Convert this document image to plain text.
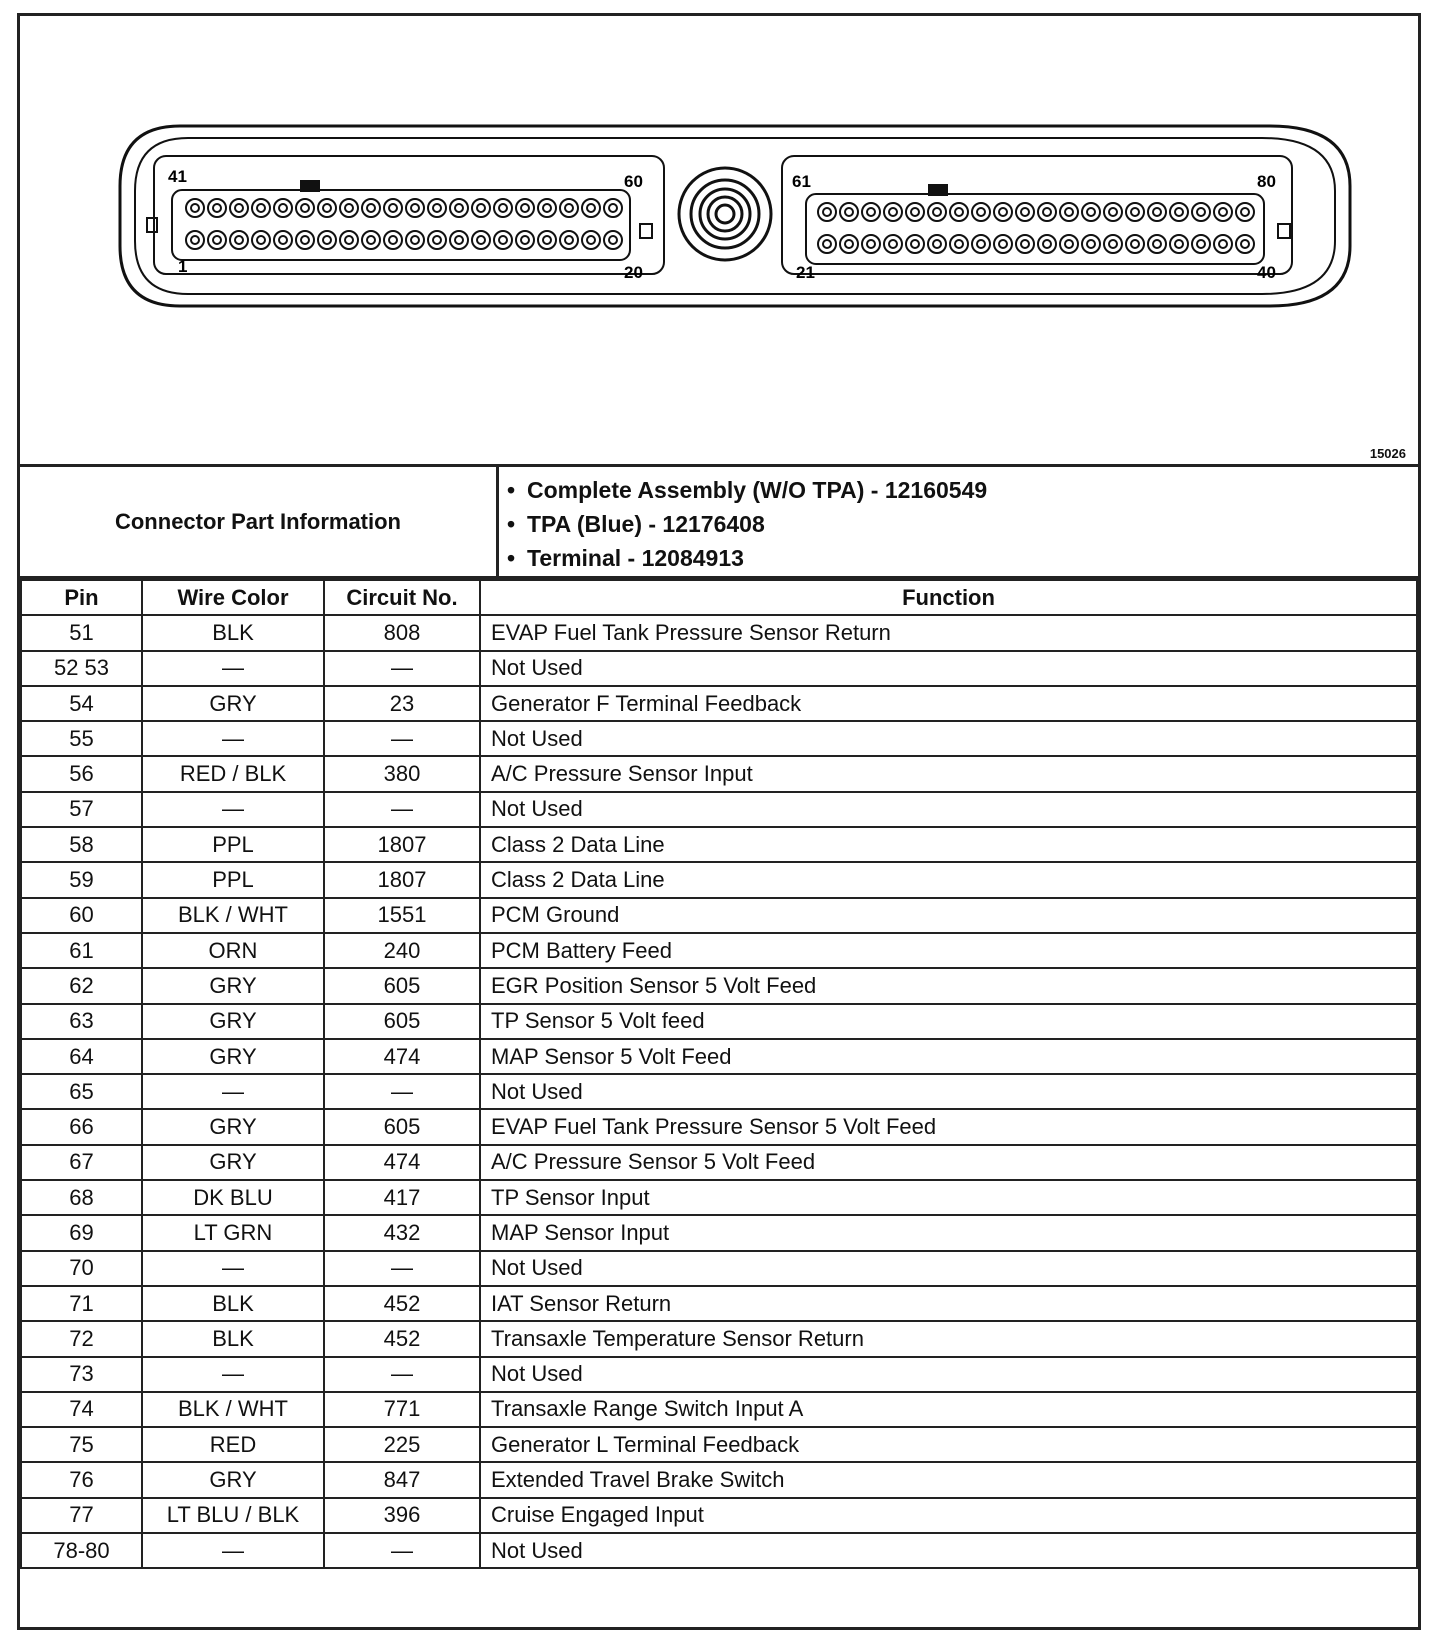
41	60
1	20
61	80
21	40
15026
Connector Part Information
• Complete Assembly (W/O TPA) - 12160549
• TPA (Blue) - 12176408
• Terminal - 12084913
Pin	Wire Color	Circuit No.	Function
51	BLK	808	EVAP Fuel Tank Pressure Sensor Return
52 53	—	—	Not Used
54	GRY	23	Generator F Terminal Feedback
55	—	—	Not Used
56	RED / BLK	380	A/C Pressure Sensor Input
57	—	—	Not Used
58	PPL	1807	Class 2 Data Line
59	PPL	1807	Class 2 Data Line
60	BLK / WHT	1551	PCM Ground
61	ORN	240	PCM Battery Feed
62	GRY	605	EGR Position Sensor 5 Volt Feed
63	GRY	605	TP Sensor 5 Volt feed
64	GRY	474	MAP Sensor 5 Volt Feed
65	—	—	Not Used
66	GRY	605	EVAP Fuel Tank Pressure Sensor 5 Volt Feed
67	GRY	474	A/C Pressure Sensor 5 Volt Feed
68	DK BLU	417	TP Sensor Input
69	LT GRN	432	MAP Sensor Input
70	—	—	Not Used
71	BLK	452	IAT Sensor Return
72	BLK	452	Transaxle Temperature Sensor Return
73	—	—	Not Used
74	BLK / WHT	771	Transaxle Range Switch Input A
75	RED	225	Generator L Terminal Feedback
76	GRY	847	Extended Travel Brake Switch
77	LT BLU / BLK	396	Cruise Engaged Input
78-80	—	—	Not Used
